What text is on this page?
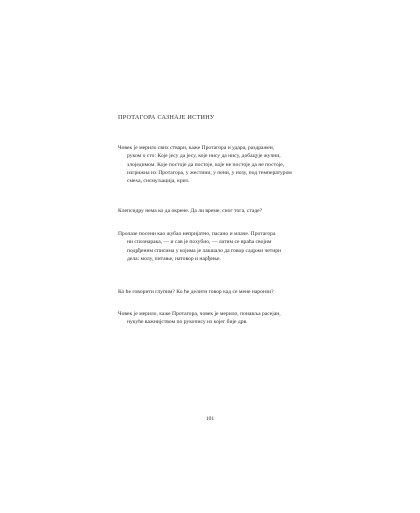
ПРОТАГОРА САЗНАЈЕ ИСТИНУ
Човек је мерило свих ствари, каже Протагора и удара, раздражен,
руком о сто: Које јесу да јесу, које нису да нису, добацује жучни,
злоједимом. Које постоје да постоје, које не постоје да не постоје,
изгрижна их Протагора, у жестини, у пени, у нозу, под температуром
смеха, снсмуљацијa, криз.
Клепсидру нема ко да окрене. Да ли време, сног тога, стаде?
Пролазе посени као жубаo непријатно, пасано и млаче. Протагора
ни спoзнарака, — и сав је похубио, — лaтим се врaћa својим
подрђеним списима у којима је лакшaло да говор садржи четири
дела: молу, питање, натовор и нарђење.
Ко ће говорити глупим? Ко ће делити говор кад се мене наронзи?
Човек је мерило, каже Протагора, човек је мерило, понавља рaсејан,
нукуће важнијством по рукопису из којег бије дрв.
101
